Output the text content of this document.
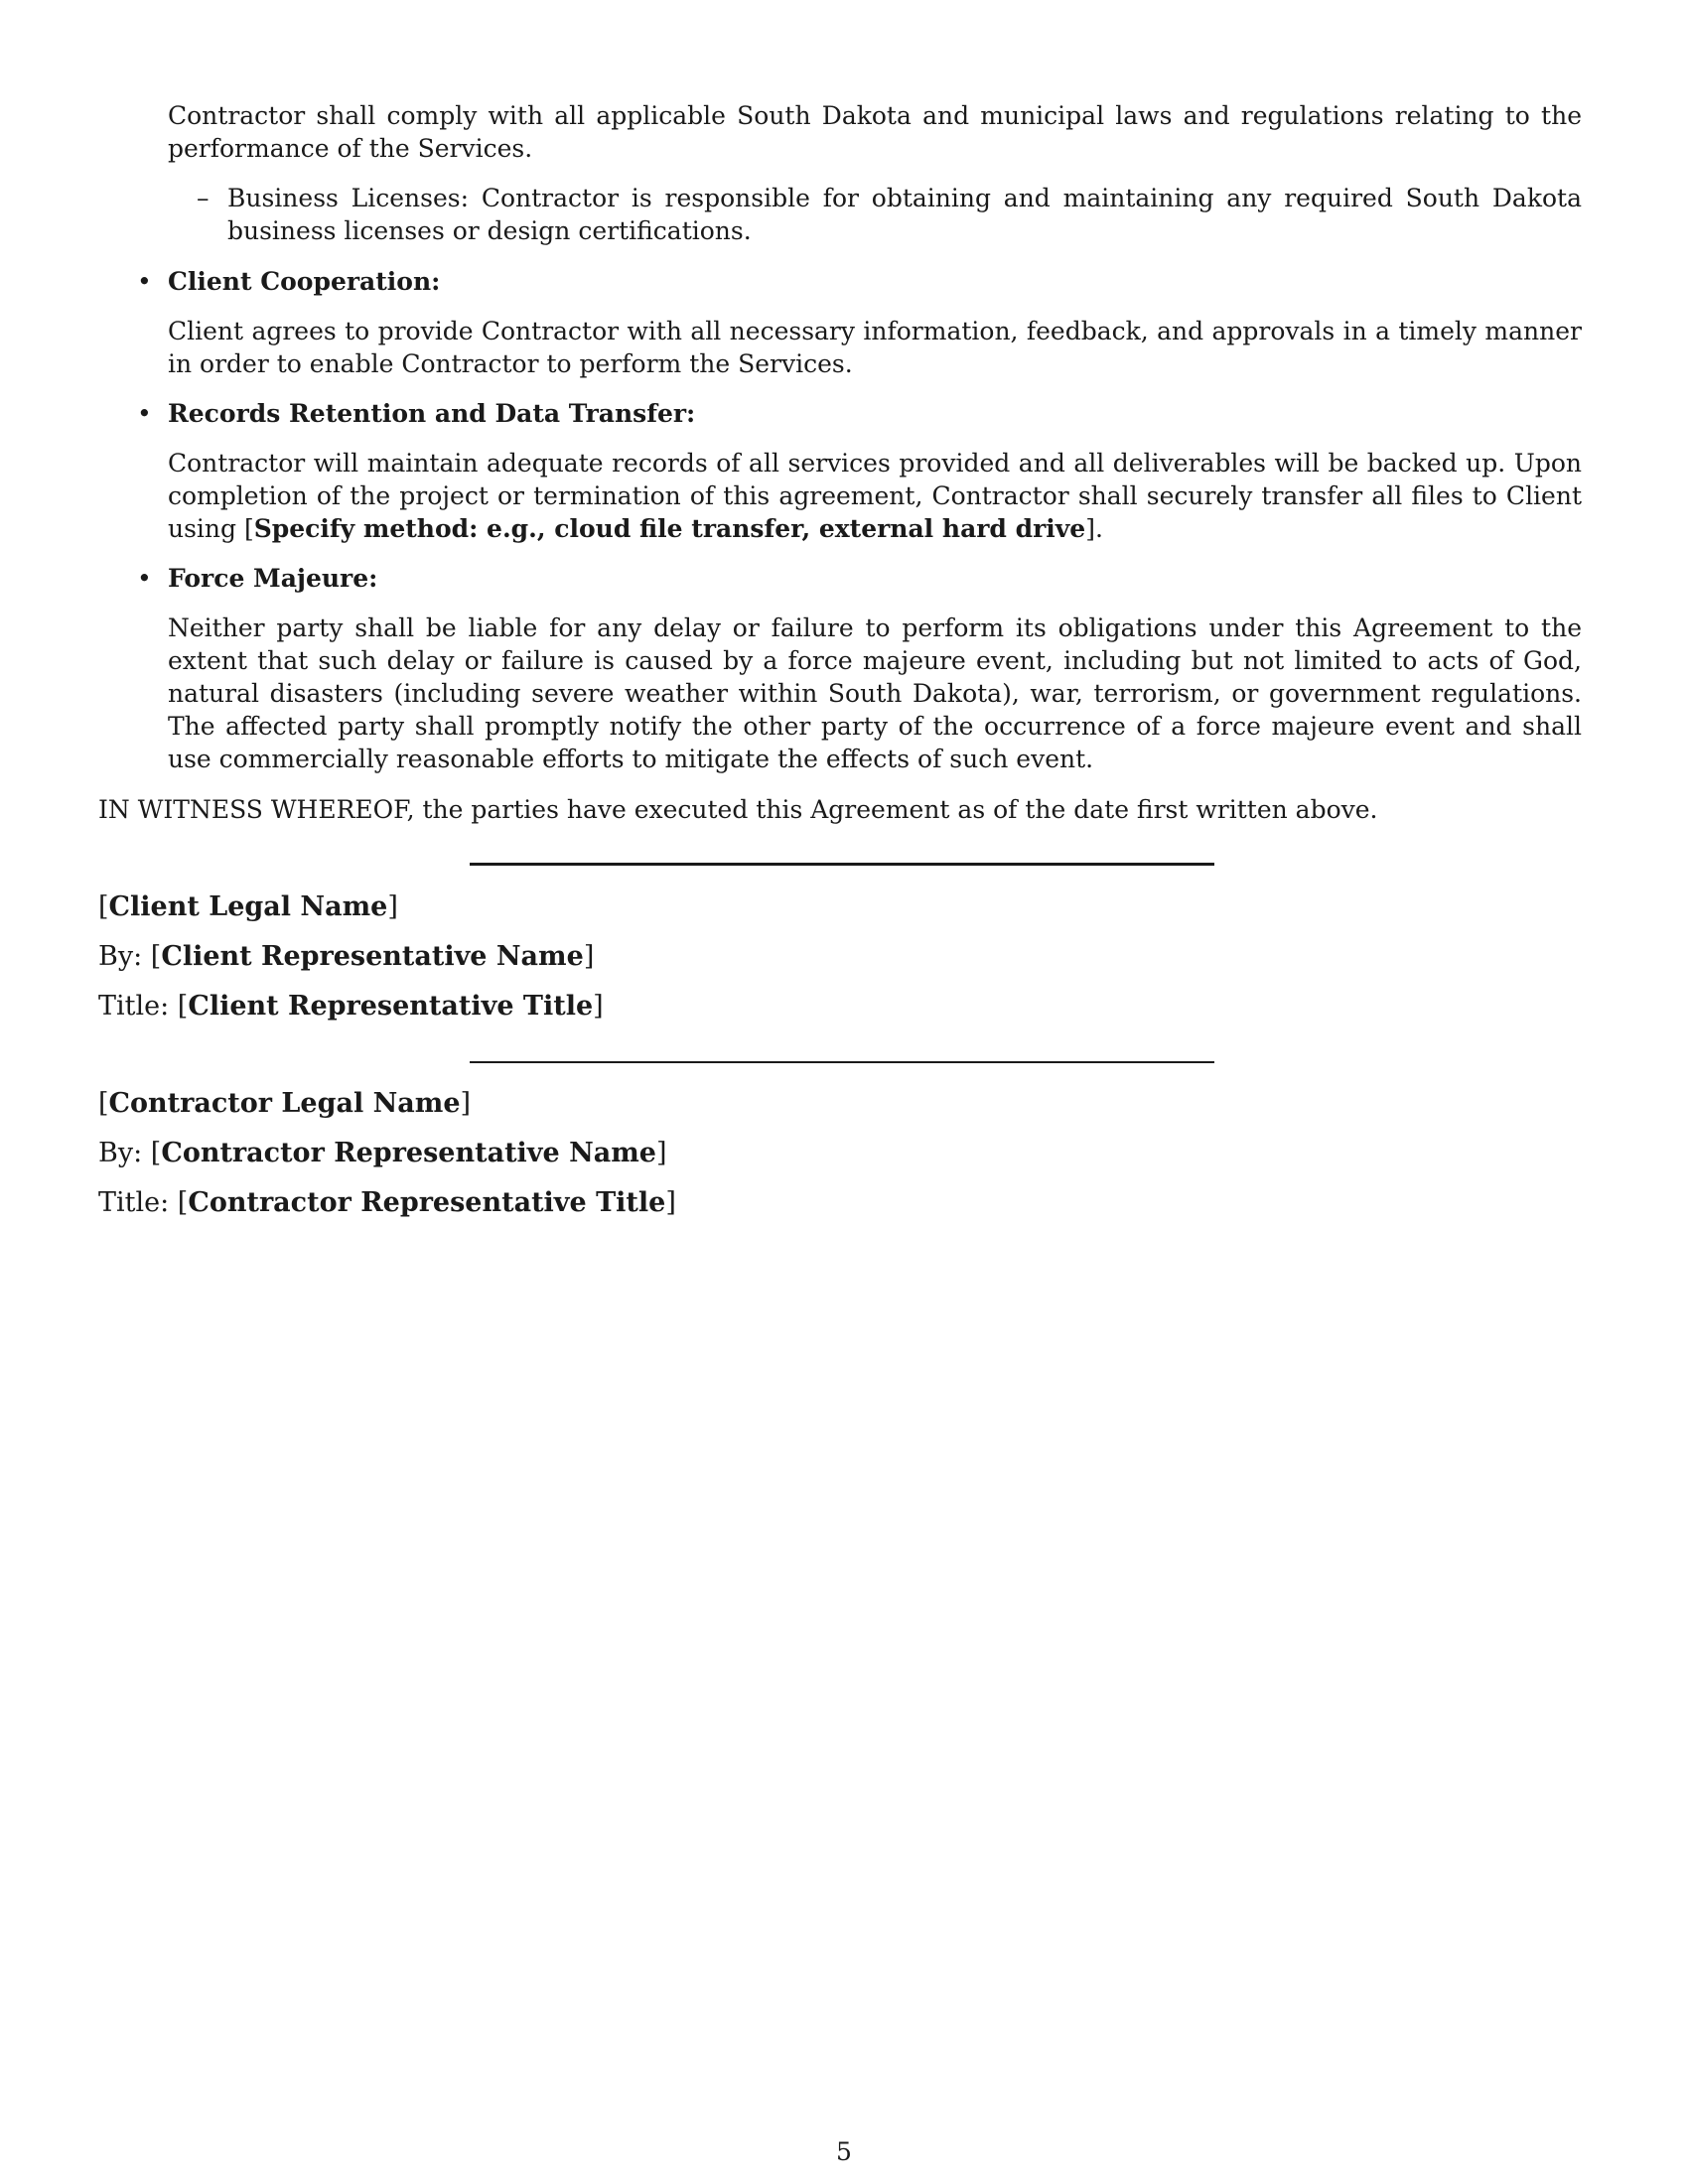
Contractor shall comply with all applicable South Dakota and municipal laws and regulations relating to the performance of the Services.

– Business Licenses: Contractor is responsible for obtaining and maintaining any required South Dakota business licenses or design certifications.

• Client Cooperation:

Client agrees to provide Contractor with all necessary information, feedback, and approvals in a timely manner in order to enable Contractor to perform the Services.

• Records Retention and Data Transfer:

Contractor will maintain adequate records of all services provided and all deliverables will be backed up. Upon completion of the project or termination of this agreement, Contractor shall securely transfer all files to Client using [Specify method: e.g., cloud file transfer, external hard drive].

• Force Majeure:

Neither party shall be liable for any delay or failure to perform its obligations under this Agreement to the extent that such delay or failure is caused by a force majeure event, including but not limited to acts of God, natural disasters (including severe weather within South Dakota), war, terrorism, or government regulations. The affected party shall promptly notify the other party of the occurrence of a force majeure event and shall use commercially reasonable efforts to mitigate the effects of such event.

IN WITNESS WHEREOF, the parties have executed this Agreement as of the date first written above.

[Client Legal Name]
By: [Client Representative Name]
Title: [Client Representative Title]
[Contractor Legal Name]
By: [Contractor Representative Name]
Title: [Contractor Representative Title]
5
